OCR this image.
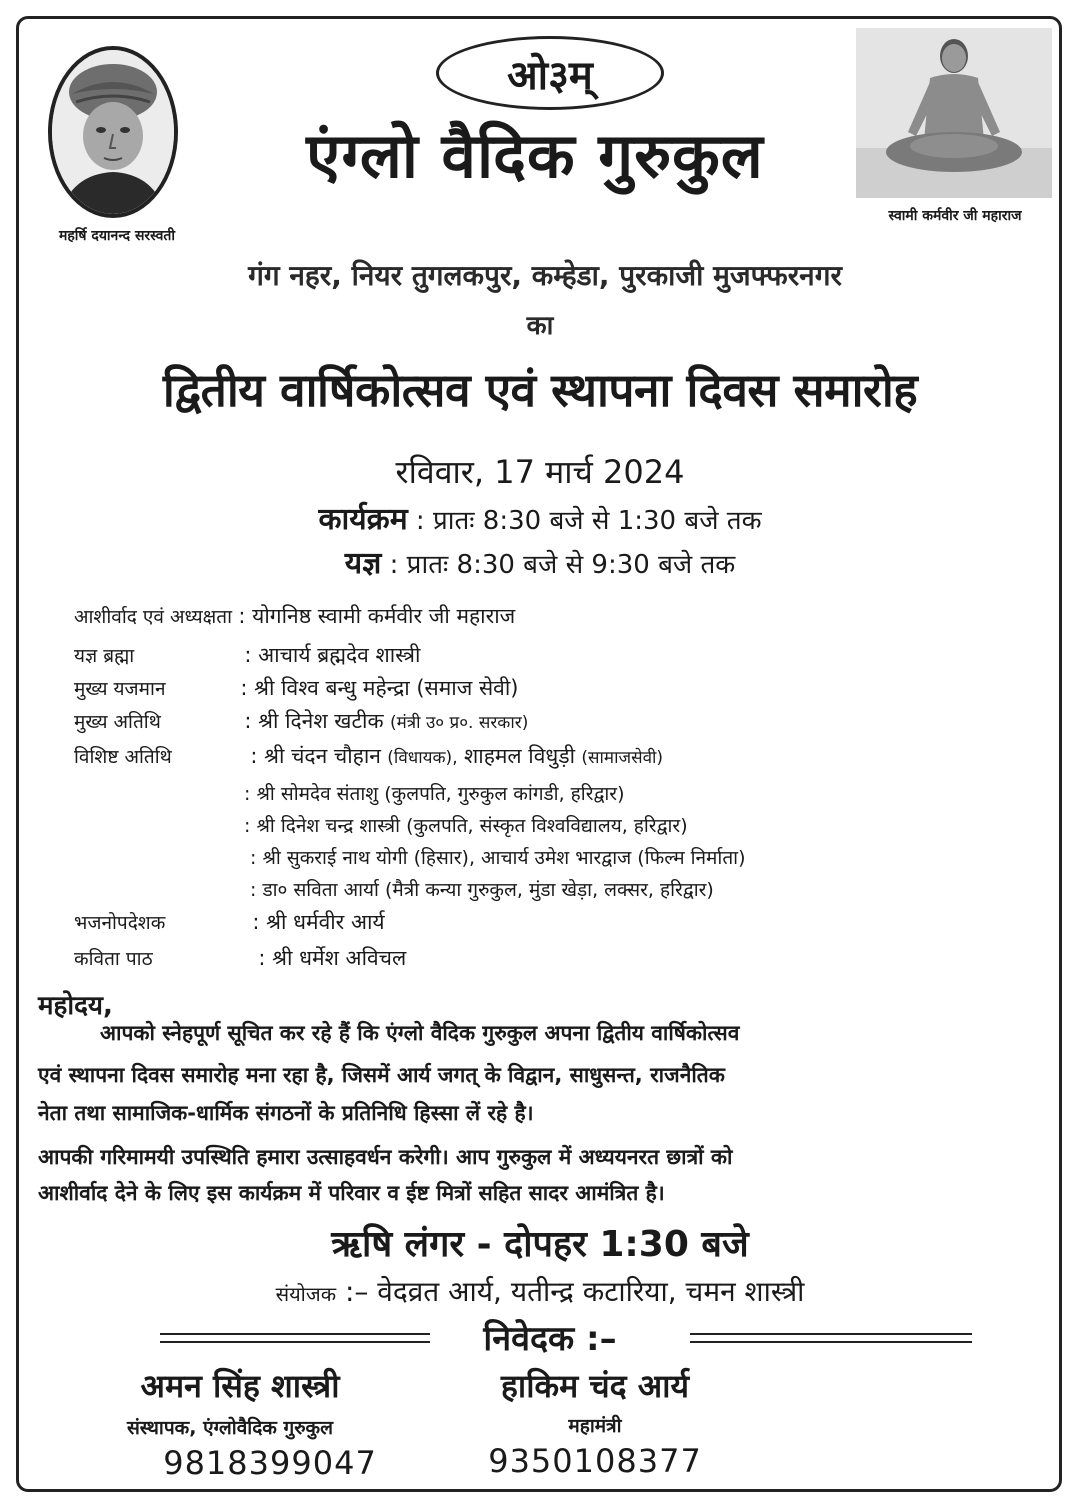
ओ३म्
महर्षि दयानन्द सरस्वती
स्वामी कर्मवीर जी महाराज
एंग्लो वैदिक गुरुकुल
गंग नहर, नियर तुगलकपुर, कम्हेडा, पुरकाजी मुजफ्फरनगर
का
द्वितीय वार्षिकोत्सव एवं स्थापना दिवस समारोह
रविवार, 17 मार्च 2024
कार्यक्रम : प्रातः 8:30 बजे से 1:30 बजे तक
यज्ञ : प्रातः 8:30 बजे से 9:30 बजे तक
आशीर्वाद एवं अध्यक्षता : योगनिष्ठ स्वामी कर्मवीर जी महाराज
यज्ञ ब्रह्मा	: आचार्य ब्रह्मदेव शास्त्री
मुख्य यजमान	: श्री विश्व बन्धु महेन्द्रा (समाज सेवी)
मुख्य अतिथि	: श्री दिनेश खटीक (मंत्री उ० प्र०. सरकार)
विशिष्ट अतिथि	: श्री चंदन चौहान (विधायक), शाहमल विधुड़ी (सामाजसेवी)
: श्री सोमदेव संताशु (कुलपति, गुरुकुल कांगडी, हरिद्वार)
: श्री दिनेश चन्द्र शास्त्री (कुलपति, संस्कृत विश्वविद्यालय, हरिद्वार)
: श्री सुकराई नाथ योगी (हिसार), आचार्य उमेश भारद्वाज (फिल्म निर्माता)
: डा० सविता आर्या (मैत्री कन्या गुरुकुल, मुंडा खेड़ा, लक्सर, हरिद्वार)
भजनोपदेशक	: श्री धर्मवीर आर्य
कविता पाठ	: श्री धर्मेश अविचल
महोदय,
आपको स्नेहपूर्ण सूचित कर रहे हैं कि एंग्लो वैदिक गुरुकुल अपना द्वितीय वार्षिकोत्सव
एवं स्थापना दिवस समारोह मना रहा है, जिसमें आर्य जगत् के विद्वान, साधुसन्त, राजनैतिक
नेता तथा सामाजिक-धार्मिक संगठनों के प्रतिनिधि हिस्सा लें रहे है।
आपकी गरिमामयी उपस्थिति हमारा उत्साहवर्धन करेगी। आप गुरुकुल में अध्ययनरत छात्रों को
आशीर्वाद देने के लिए इस कार्यक्रम में परिवार व ईष्ट मित्रों सहित सादर आमंत्रित है।
ऋषि लंगर - दोपहर 1:30 बजे
संयोजक :– वेदव्रत आर्य, यतीन्द्र कटारिया, चमन शास्त्री
निवेदक :–
अमन सिंह शास्त्री
संस्थापक, एंग्लोवैदिक गुरुकुल
9818399047
हाकिम चंद आर्य
महामंत्री
9350108377
